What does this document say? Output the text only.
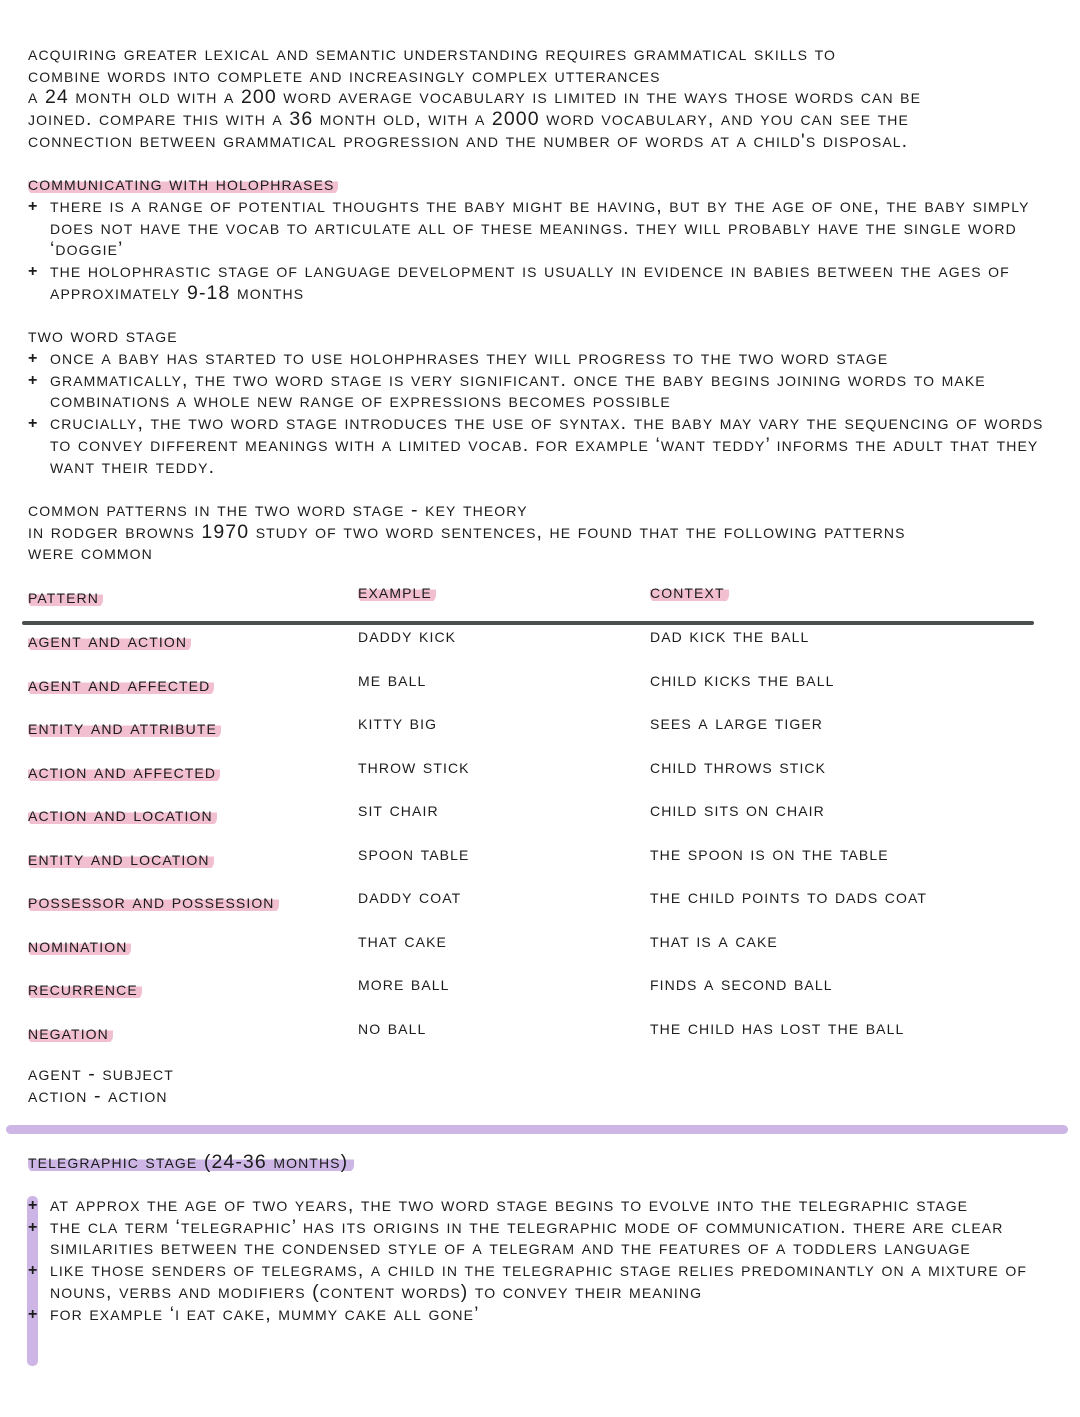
acquiring greater lexical and semantic understanding requires grammatical skills to
combine words into complete and increasingly complex utterances
a 24 month old with a 200 word average vocabulary is limited in the ways those words can be
joined. compare this with a 36 month old, with a 2000 word vocabulary, and you can see the
connection between grammatical progression and the number of words at a child's disposal.
communicating with holophrases
+ there is a range of potential thoughts the baby might be having, but by the age of one, the baby simply does not have the vocab to articulate all of these meanings. they will probably have the single word ‘doggie’
+ the holophrastic stage of language development is usually in evidence in babies between the ages of approximately 9-18 months
two word stage
+ once a baby has started to use holohphrases they will progress to the two word stage
+ grammatically, the two word stage is very significant. once the baby begins joining words to make combinations a whole new range of expressions becomes possible
+ crucially, the two word stage introduces the use of syntax. the baby may vary the sequencing of words to convey different meanings with a limited vocab. for example ‘want teddy’ informs the adult that they want their teddy.
common patterns in the two word stage - key theory
in rodger browns 1970 study of two word sentences, he found that the following patterns
were common
pattern	example	context
agent and action	daddy kick	dad kick the ball
agent and affected	me ball	child kicks the ball
entity and attribute	kitty big	sees a large tiger
action and affected	throw stick	child throws stick
action and location	sit chair	child sits on chair
entity and location	spoon table	the spoon is on the table
possessor and possession	daddy coat	the child points to dads coat
nomination	that cake	that is a cake
recurrence	more ball	finds a second ball
negation	no ball	the child has lost the ball
agent - subject
action - action
telegraphic stage (24-36 months)
+ at approx the age of two years, the two word stage begins to evolve into the telegraphic stage
+ the cla term ‘telegraphic’ has its origins in the telegraphic mode of communication. there are clear similarities between the condensed style of a telegram and the features of a toddlers language
+ like those senders of telegrams, a child in the telegraphic stage relies predominantly on a mixture of nouns, verbs and modifiers (content words) to convey their meaning
+ for example ‘i eat cake, mummy cake all gone’
